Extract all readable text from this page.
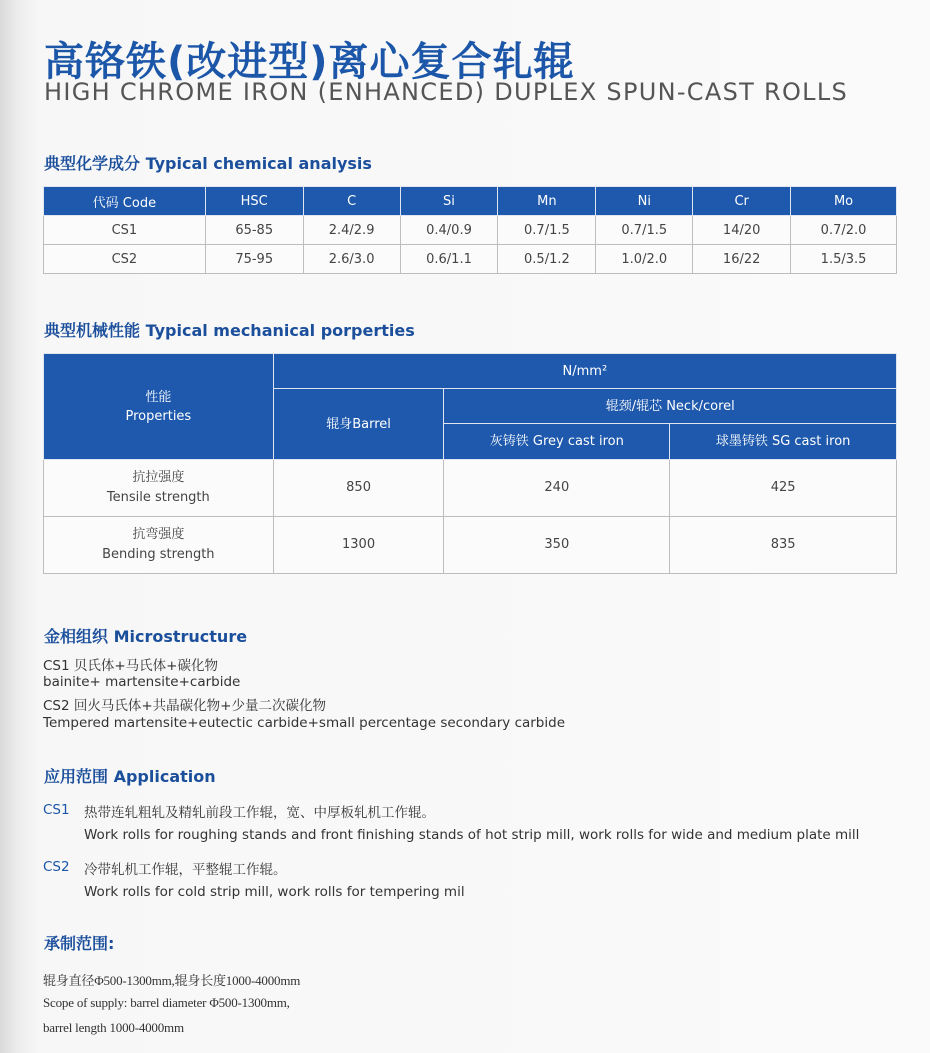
高铬铁(改进型)离心复合轧辊
HIGH CHROME IRON (ENHANCED) DUPLEX SPUN-CAST ROLLS
典型化学成分 Typical chemical analysis
代码 Code	HSC	C	Si	Mn	Ni	Cr	Mo
CS1	65-85	2.4/2.9	0.4/0.9	0.7/1.5	0.7/1.5	14/20	0.7/2.0
CS2	75-95	2.6/3.0	0.6/1.1	0.5/1.2	1.0/2.0	16/22	1.5/3.5
典型机械性能 Typical mechanical porperties
性能
Properties	N/mm²		
	辊身Barrel	辊颈/辊芯 Neck/corel	
		灰铸铁 Grey cast iron	球墨铸铁 SG cast iron

抗拉强度
Tensile strength	850	240	425

抗弯强度
Bending strength	1300	350	835
金相组织 Microstructure
CS1 贝氏体+马氏体+碳化物
bainite+ martensite+carbide
CS2 回火马氏体+共晶碳化物+少量二次碳化物
Tempered martensite+eutectic carbide+small percentage secondary carbide
应用范围 Application
CS1 热带连轧粗轧及精轧前段工作辊，宽、中厚板轧机工作辊。
Work rolls for roughing stands and front finishing stands of hot strip mill, work rolls for wide and medium plate mill
CS2 冷带轧机工作辊，平整辊工作辊。
Work rolls for cold strip mill, work rolls for tempering mil
承制范围:
辊身直径Φ500-1300mm,辊身长度1000-4000mm
Scope of supply: barrel diameter Φ500-1300mm,
barrel length 1000-4000mm
